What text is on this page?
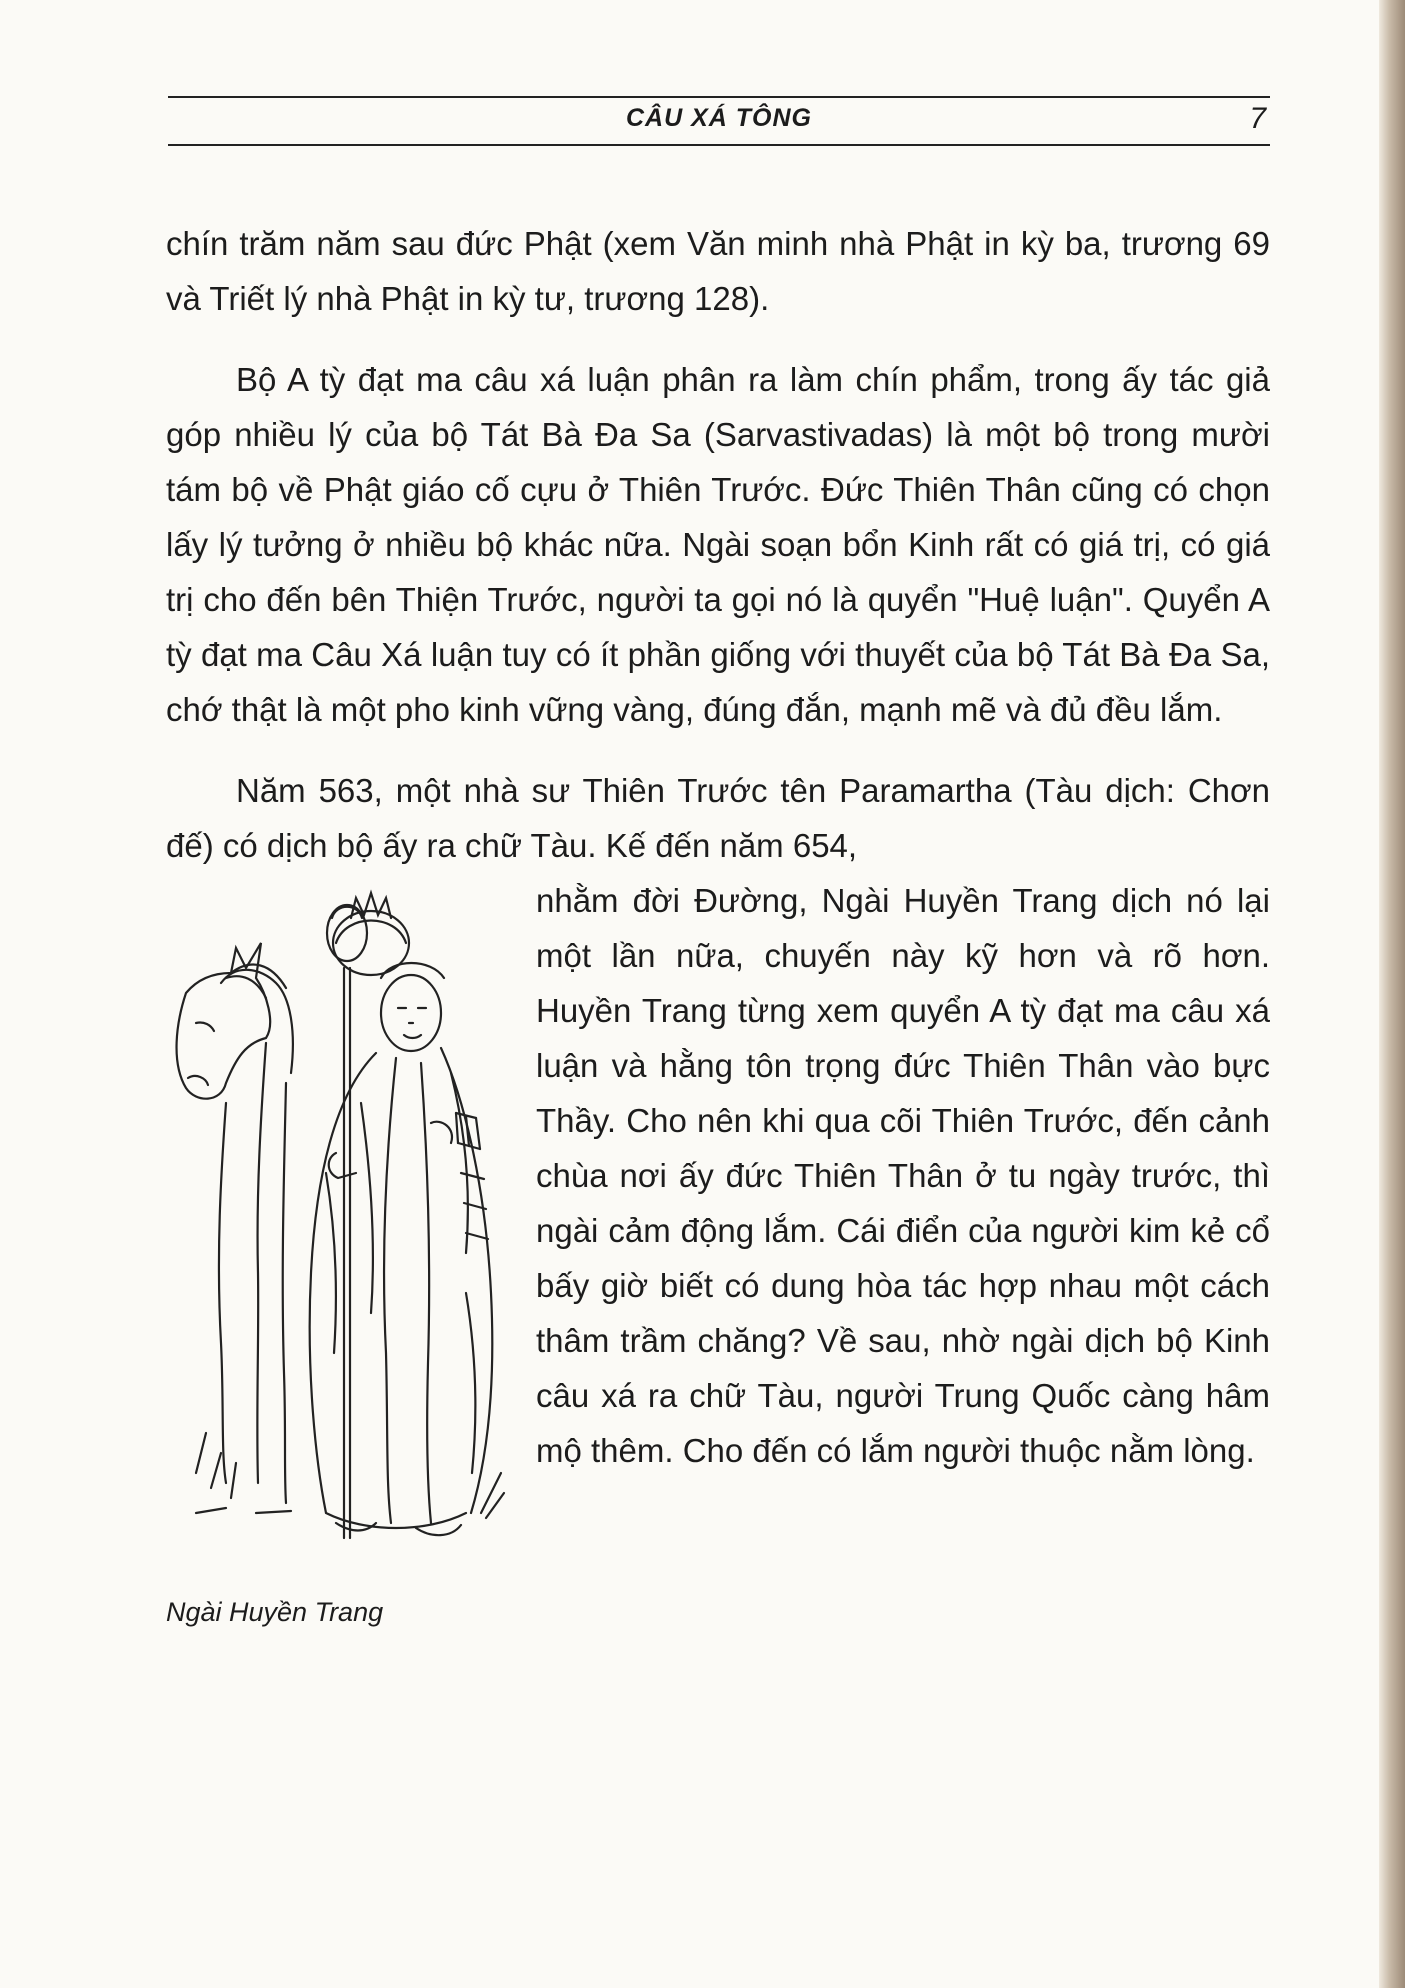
CÂU XÁ TÔNG	7

chín trăm năm sau đức Phật (xem Văn minh nhà Phật in kỳ ba, trương 69 và Triết lý nhà Phật in kỳ tư, trương 128).

Bộ A tỳ đạt ma câu xá luận phân ra làm chín phẩm, trong ấy tác giả góp nhiều lý của bộ Tát Bà Đa Sa (Sarvastivadas) là một bộ trong mười tám bộ về Phật giáo cố cựu ở Thiên Trước. Đức Thiên Thân cũng có chọn lấy lý tưởng ở nhiều bộ khác nữa. Ngài soạn bổn Kinh rất có giá trị, có giá trị cho đến bên Thiện Trước, người ta gọi nó là quyển "Huệ luận". Quyển A tỳ đạt ma Câu Xá luận tuy có ít phần giống với thuyết của bộ Tát Bà Đa Sa, chớ thật là một pho kinh vững vàng, đúng đắn, mạnh mẽ và đủ đều lắm.

Năm 563, một nhà sư Thiên Trước tên Paramartha (Tàu dịch: Chơn đế) có dịch bộ ấy ra chữ Tàu. Kế đến năm 654,

Ngài Huyền Trang

nhằm đời Đường, Ngài Huyền Trang dịch nó lại một lần nữa, chuyến này kỹ hơn và rõ hơn. Huyền Trang từng xem quyển A tỳ đạt ma câu xá luận và hằng tôn trọng đức Thiên Thân vào bực Thầy. Cho nên khi qua cõi Thiên Trước, đến cảnh chùa nơi ấy đức Thiên Thân ở tu ngày trước, thì ngài cảm động lắm. Cái điển của người kim kẻ cổ bấy giờ biết có dung hòa tác hợp nhau một cách thâm trầm chăng? Về sau, nhờ ngài dịch bộ Kinh câu xá ra chữ Tàu, người Trung Quốc càng hâm mộ thêm. Cho đến có lắm người thuộc nằm lòng.
